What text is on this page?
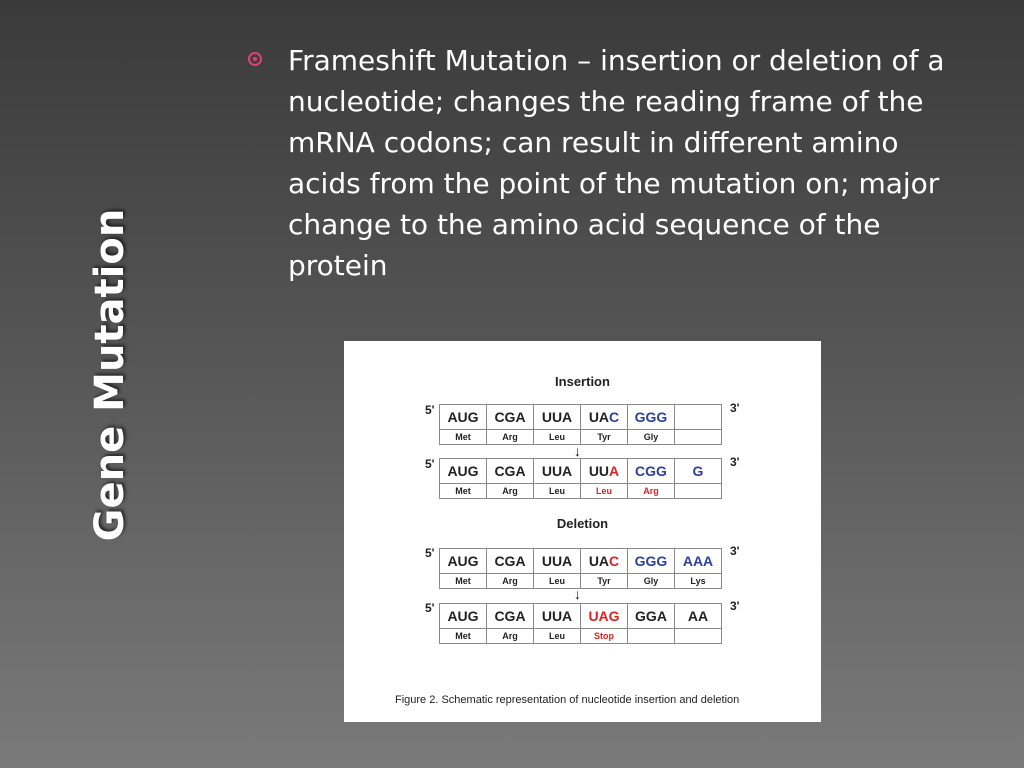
Gene Mutation
Frameshift Mutation – insertion or deletion of a nucleotide; changes the reading frame of the mRNA codons; can result in different amino acids from the point of the mutation on; major change to the amino acid sequence of the protein
Insertion
5'	3'
AUG	CGA	UUA	UAC	GGG	
Met	Arg	Leu	Tyr	Gly	
↓
5'	3'
AUG	CGA	UUA	UUA	CGG	G
Met	Arg	Leu	Leu	Arg	
Deletion
5'	3'
AUG	CGA	UUA	UAC	GGG	AAA
Met	Arg	Leu	Tyr	Gly	Lys
↓
5'	3'
AUG	CGA	UUA	UAG	GGA	AA
Met	Arg	Leu	Stop		
Figure 2. Schematic representation of nucleotide insertion and deletion
